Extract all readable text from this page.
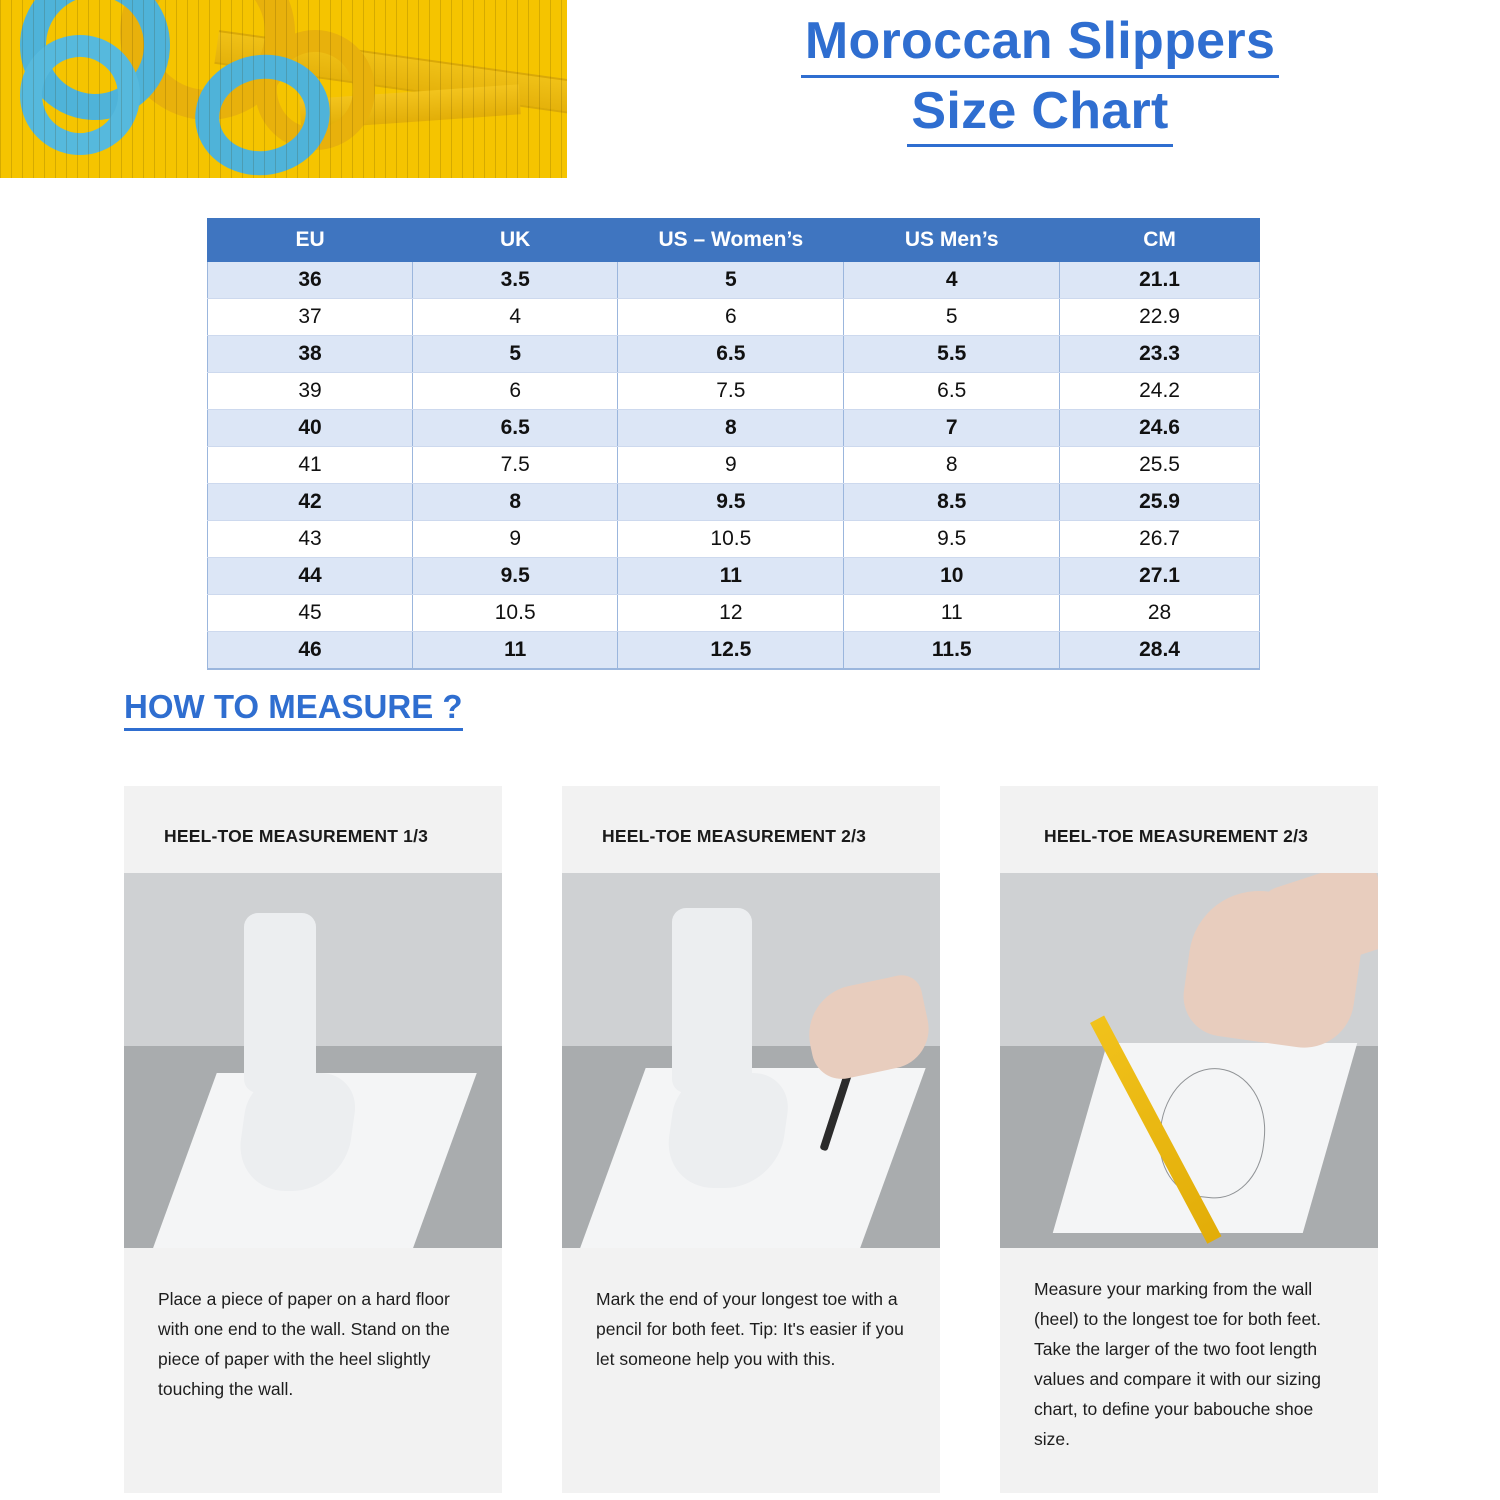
Moroccan Slippers
Size Chart
EU	UK	US – Women’s	US Men’s	CM
36	3.5	5	4	21.1
37	4	6	5	22.9
38	5	6.5	5.5	23.3
39	6	7.5	6.5	24.2
40	6.5	8	7	24.6
41	7.5	9	8	25.5
42	8	9.5	8.5	25.9
43	9	10.5	9.5	26.7
44	9.5	11	10	27.1
45	10.5	12	11	28
46	11	12.5	11.5	28.4
HOW TO MEASURE ?
HEEL-TOE MEASUREMENT 1/3
Place a piece of paper on a hard floor with one end to the wall. Stand on the piece of paper with the heel slightly touching the wall.
HEEL-TOE MEASUREMENT 2/3
Mark the end of your longest toe with a pencil for both feet. Tip: It's easier if you let someone help you with this.
HEEL-TOE MEASUREMENT 2/3
Measure your marking from the wall (heel) to the longest toe for both feet. Take the larger of the two foot length values and compare it with our sizing chart, to define your babouche shoe size.
